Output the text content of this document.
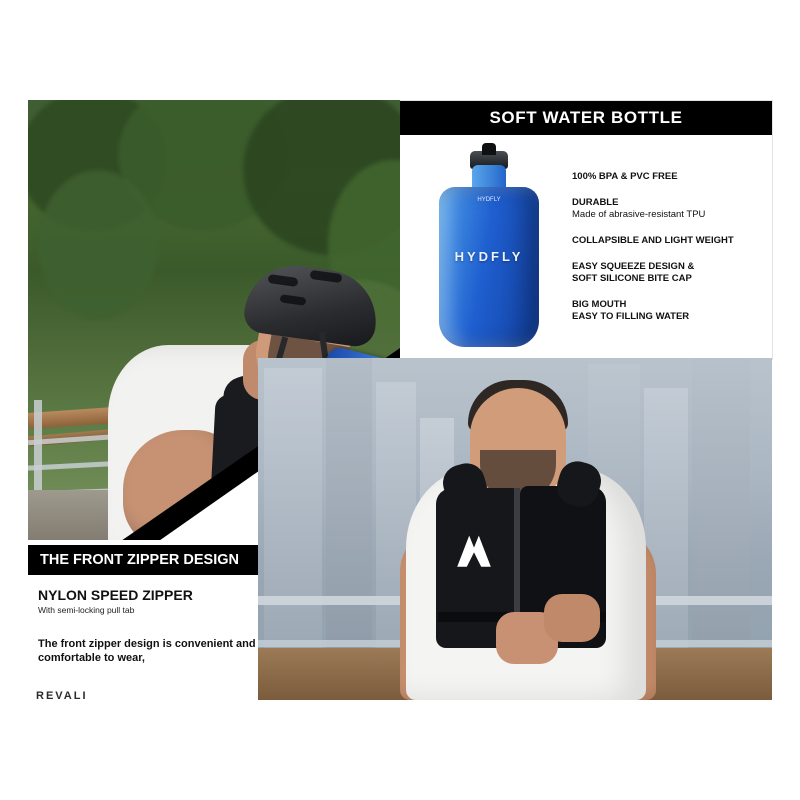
SOFT WATER BOTTLE
HYDFLY
HYDFLY
100% BPA & PVC FREE
DURABLE
Made of abrasive-resistant TPU
COLLAPSIBLE AND LIGHT WEIGHT
EASY SQUEEZE DESIGN &
SOFT SILICONE BITE CAP
BIG MOUTH
EASY TO FILLING WATER
THE FRONT ZIPPER DESIGN

NYLON SPEED ZIPPER

With semi-locking pull tab

The front zipper design is convenient and comfortable to wear,

REVALI
